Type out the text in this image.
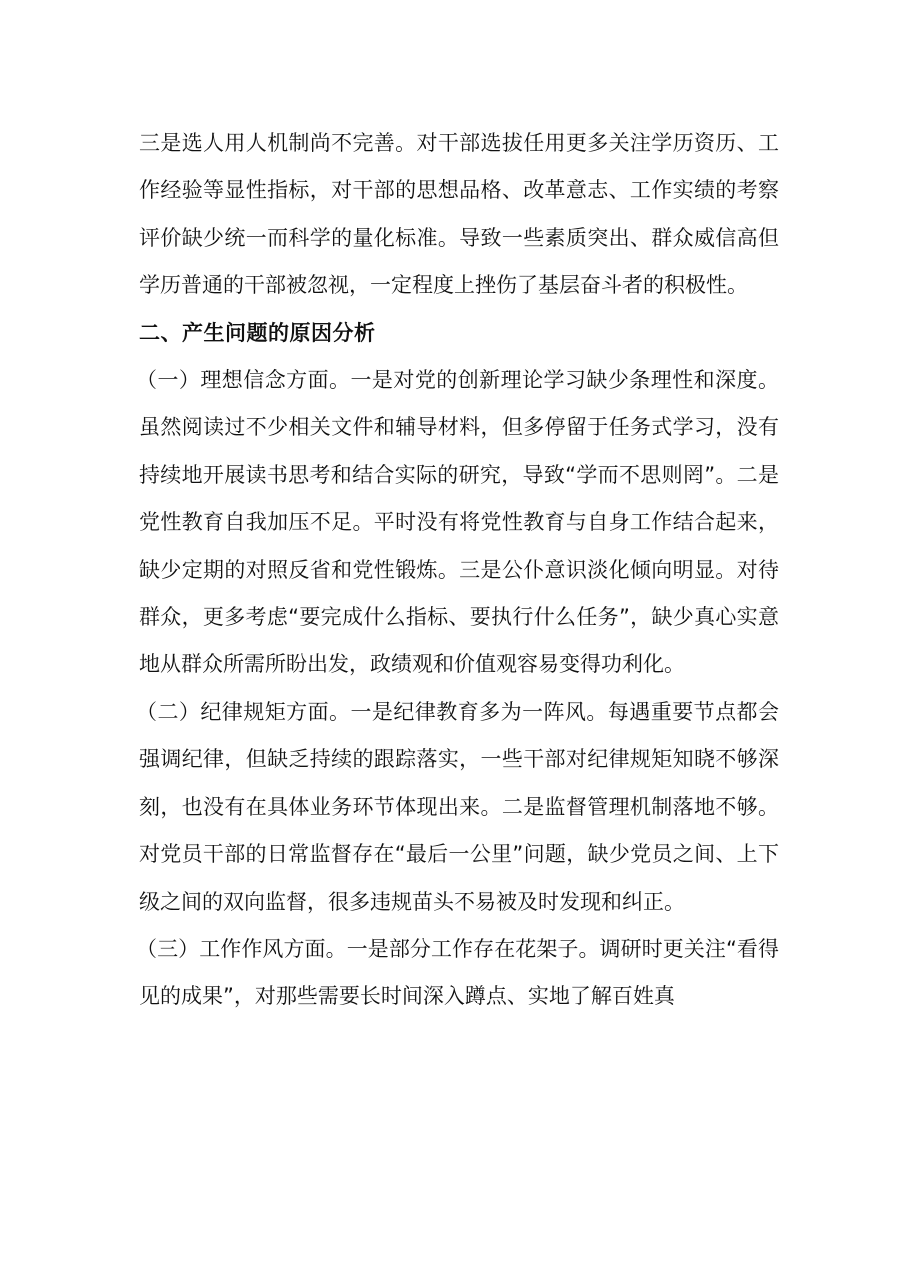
三是选人用人机制尚不完善。对干部选拔任用更多关注学历资历、工作经验等显性指标，对干部的思想品格、改革意志、工作实绩的考察评价缺少统一而科学的量化标准。导致一些素质突出、群众威信高但学历普通的干部被忽视，一定程度上挫伤了基层奋斗者的积极性。

二、产生问题的原因分析

（一）理想信念方面。一是对党的创新理论学习缺少条理性和深度。虽然阅读过不少相关文件和辅导材料，但多停留于任务式学习，没有持续地开展读书思考和结合实际的研究，导致“学而不思则罔”。二是党性教育自我加压不足。平时没有将党性教育与自身工作结合起来，缺少定期的对照反省和党性锻炼。三是公仆意识淡化倾向明显。对待群众，更多考虑“要完成什么指标、要执行什么任务”，缺少真心实意地从群众所需所盼出发，政绩观和价值观容易变得功利化。

（二）纪律规矩方面。一是纪律教育多为一阵风。每遇重要节点都会强调纪律，但缺乏持续的跟踪落实，一些干部对纪律规矩知晓不够深刻，也没有在具体业务环节体现出来。二是监督管理机制落地不够。对党员干部的日常监督存在“最后一公里”问题，缺少党员之间、上下级之间的双向监督，很多违规苗头不易被及时发现和纠正。

（三）工作作风方面。一是部分工作存在花架子。调研时更关注“看得见的成果”，对那些需要长时间深入蹲点、实地了解百姓真
